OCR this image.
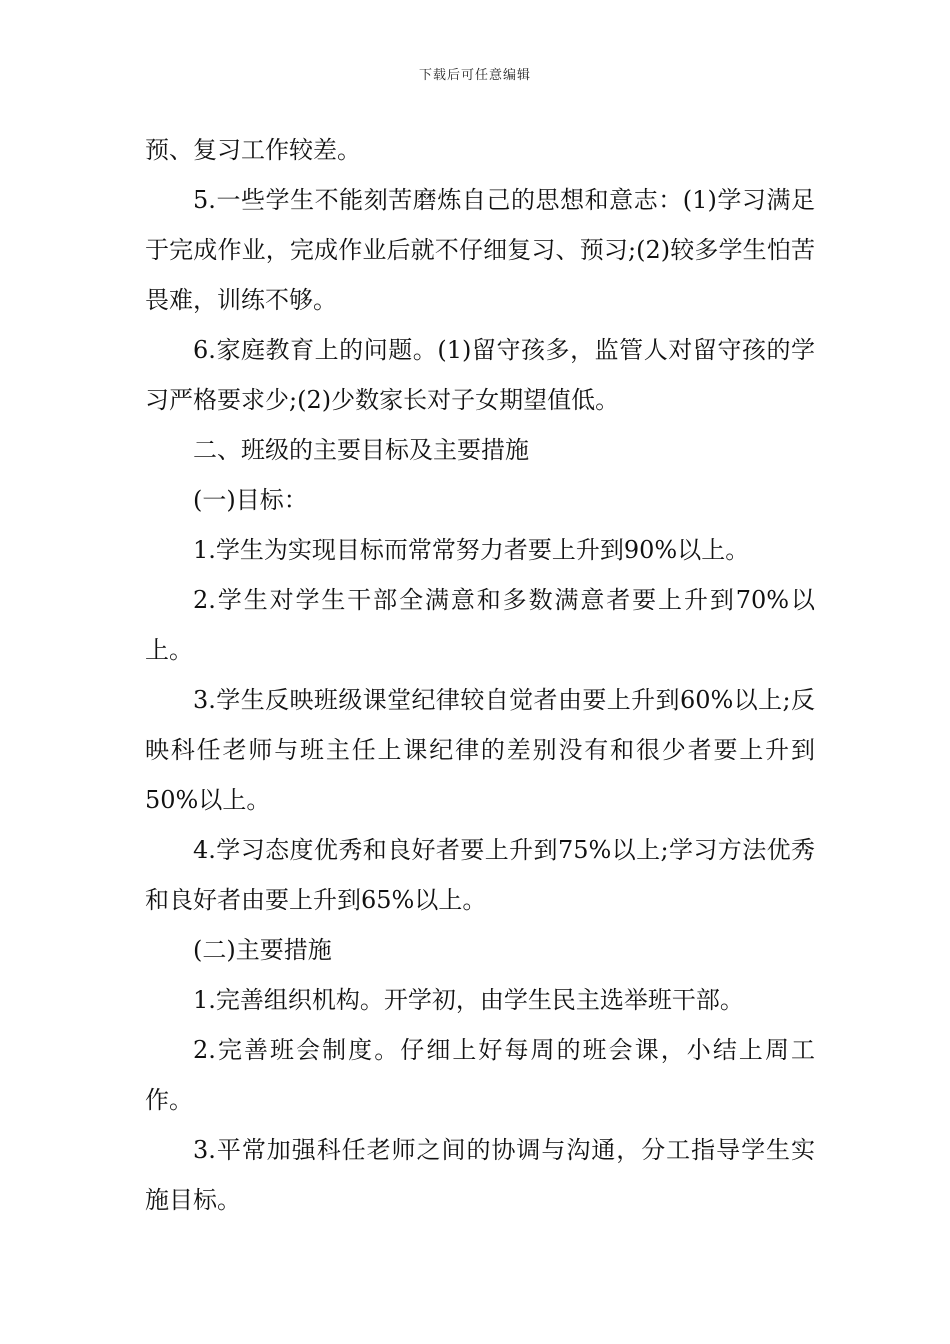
下载后可任意编辑

预、复习工作较差。

5.一些学生不能刻苦磨炼自己的思想和意志：(1)学习满足于完成作业，完成作业后就不仔细复习、预习;(2)较多学生怕苦畏难，训练不够。

6.家庭教育上的问题。(1)留守孩多，监管人对留守孩的学习严格要求少;(2)少数家长对子女期望值低。

二、班级的主要目标及主要措施

(一)目标：

1.学生为实现目标而常常努力者要上升到90%以上。

2.学生对学生干部全满意和多数满意者要上升到70%以上。

3.学生反映班级课堂纪律较自觉者由要上升到60%以上;反映科任老师与班主任上课纪律的差别没有和很少者要上升到50%以上。

4.学习态度优秀和良好者要上升到75%以上;学习方法优秀和良好者由要上升到65%以上。

(二)主要措施

1.完善组织机构。开学初，由学生民主选举班干部。

2.完善班会制度。仔细上好每周的班会课，小结上周工作。

3.平常加强科任老师之间的协调与沟通，分工指导学生实施目标。
